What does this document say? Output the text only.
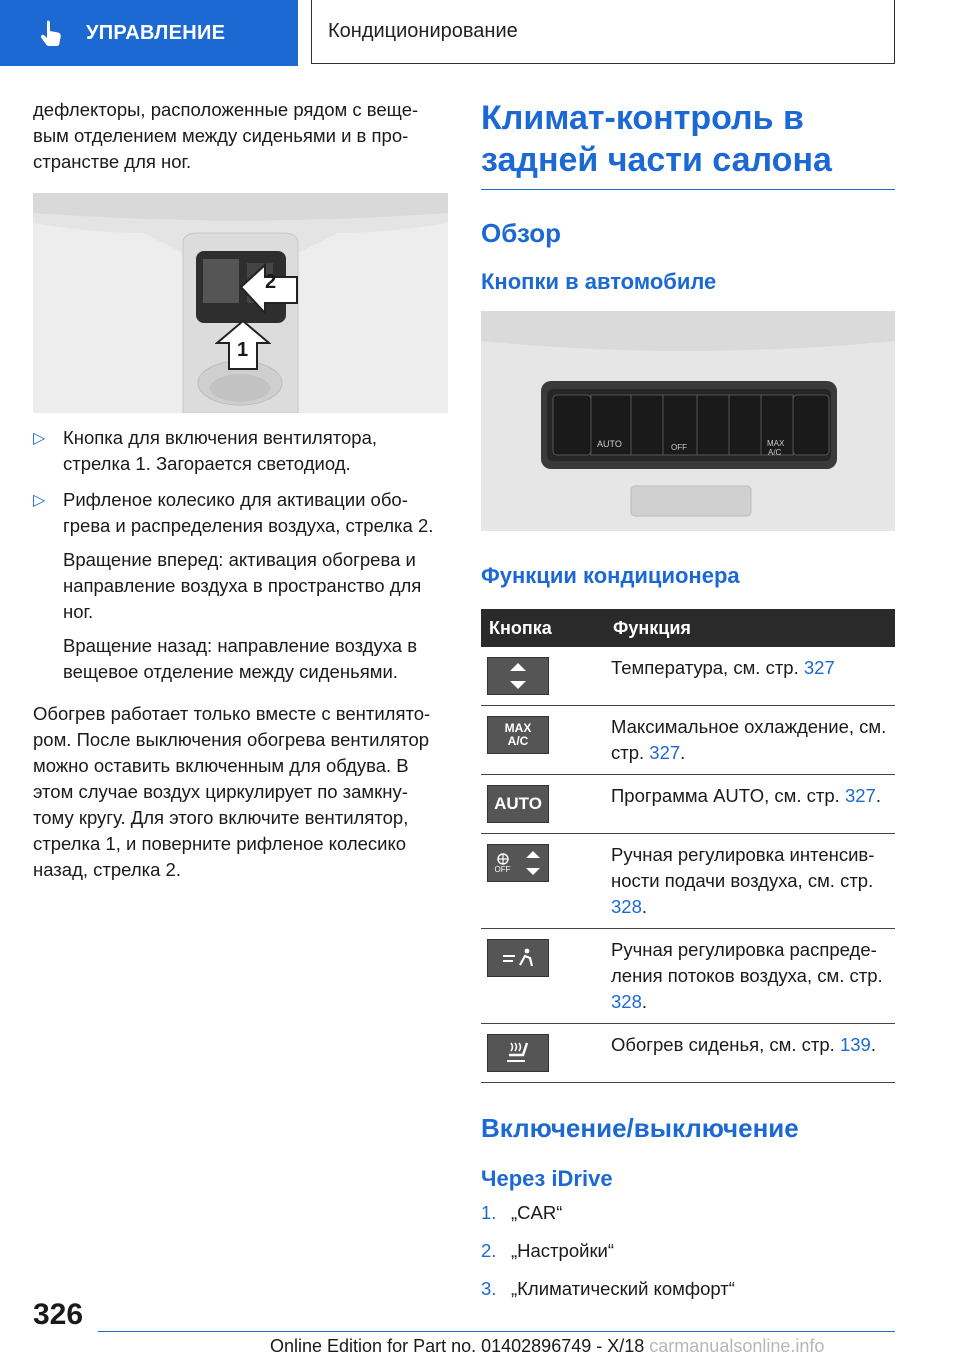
УПРАВЛЕНИЕ	Кондиционирование

дефлекторы, расположенные рядом с веще-вым отделением между сиденьями и в про-странстве для ног.

2
1
▷ Кнопка для включения вентилятора, стрелка 1. Загорается светодиод.
▷ Рифленое колесико для активации обо-грева и распределения воздуха, стрелка 2.
Вращение вперед: активация обогрева и направление воздуха в пространство для ног.
Вращение назад: направление воздуха в вещевое отделение между сиденьями.

Обогрев работает только вместе с вентилято-ром. После выключения обогрева вентилятор можно оставить включенным для обдува. В этом случае воздух циркулирует по замкну-тому кругу. Для этого включите вентилятор, стрелка 1, и поверните рифленое колесико назад, стрелка 2.

Климат-контроль в задней части салона
Обзор
Кнопки в автомобиле
AUTO	OFF	MAX
A/C
Функции кондиционера
Кнопка	Функция

	Температура, см. стр. 327

MAX
A/C	Максимальное охлаждение, см. стр. 327.

AUTO	Программа AUTO, см. стр. 327.

OFF	Ручная регулировка интенсив-ности подачи воздуха, см. стр. 328.

	Ручная регулировка распреде-ления потоков воздуха, см. стр. 328.

	Обогрев сиденья, см. стр. 139.
Включение/выключение
Через iDrive
1. „CAR“
2. „Настройки“
3. „Климатический комфорт“
326
Online Edition for Part no. 01402896749 - X/18 carmanualsonline.info
